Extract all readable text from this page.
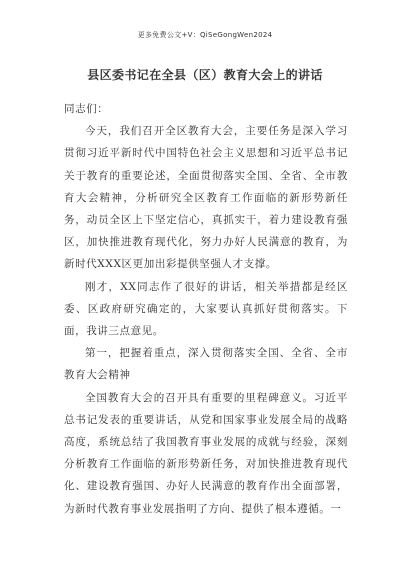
更多免费公文+V：QiSeGongWen2024
县区委书记在全县（区）教育大会上的讲话

同志们：

今天，我们召开全区教育大会，主要任务是深入学习贯彻习近平新时代中国特色社会主义思想和习近平总书记关于教育的重要论述，全面贯彻落实全国、全省、全市教育大会精神，分析研究全区教育工作面临的新形势新任务，动员全区上下坚定信心，真抓实干，着力建设教育强区，加快推进教育现代化，努力办好人民满意的教育，为新时代XXX区更加出彩提供坚强人才支撑。

刚才，XX同志作了很好的讲话，相关举措都是经区委、区政府研究确定的，大家要认真抓好贯彻落实。下面，我讲三点意见。

第一，把握着重点，深入贯彻落实全国、全省、全市教育大会精神

全国教育大会的召开具有重要的里程碑意义。习近平总书记发表的重要讲话，从党和国家事业发展全局的战略高度，系统总结了我国教育事业发展的成就与经验，深刻分析教育工作面临的新形势新任务，对加快推进教育现代化、建设教育强国、办好人民满意的教育作出全面部署，为新时代教育事业发展指明了方向、提供了根本遵循。一
